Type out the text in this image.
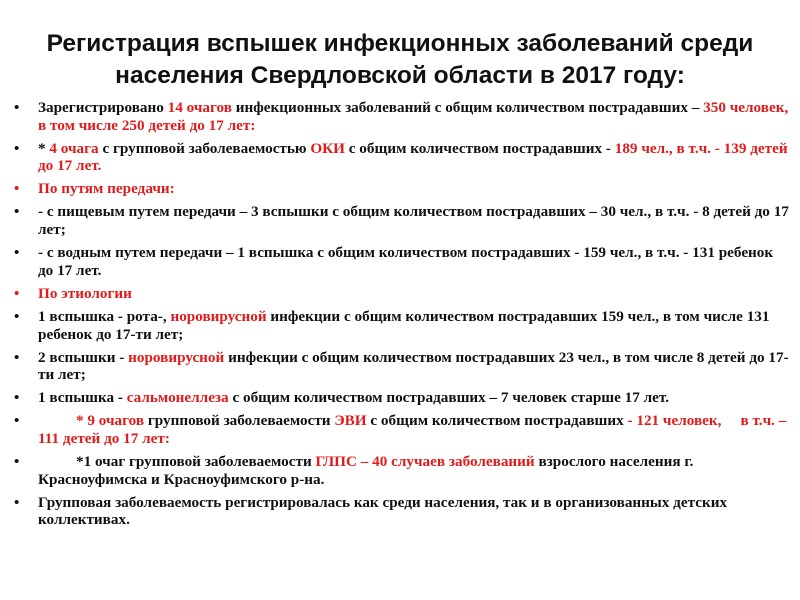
Регистрация вспышек инфекционных заболеваний среди
населения Свердловской области в 2017 году:
•	Зарегистрировано 14 очагов инфекционных заболеваний с общим количеством пострадавших – 350 человек, в том числе 250 детей до 17 лет:
•	* 4 очага с групповой заболеваемостью ОКИ с общим количеством пострадавших - 189 чел., в т.ч. - 139 детей до 17 лет.
•	По путям передачи:
•	- с пищевым путем передачи – 3 вспышки с общим количеством пострадавших – 30 чел., в т.ч. - 8 детей до 17 лет;
•	- с водным путем передачи – 1 вспышка с общим количеством пострадавших - 159 чел., в т.ч. - 131 ребенок до 17 лет.
•	По этиологии
•	1 вспышка - рота-, норовирусной инфекции с общим количеством пострадавших 159 чел., в том числе 131 ребенок до 17-ти лет;
•	2 вспышки - норовирусной инфекции с общим количеством пострадавших 23 чел., в том числе 8 детей до 17-ти лет;
•	1 вспышка - сальмонеллеза с общим количеством пострадавших – 7 человек старше 17 лет.
•	* 9 очагов групповой заболеваемости ЭВИ с общим количеством пострадавших - 121 человек, в т.ч. – 111 детей до 17 лет:
•	*1 очаг групповой заболеваемости ГЛПС – 40 случаев заболеваний взрослого населения г. Красноуфимска и Красноуфимского р-на.
•	Групповая заболеваемость регистрировалась как среди населения, так и в организованных детских коллективах.
